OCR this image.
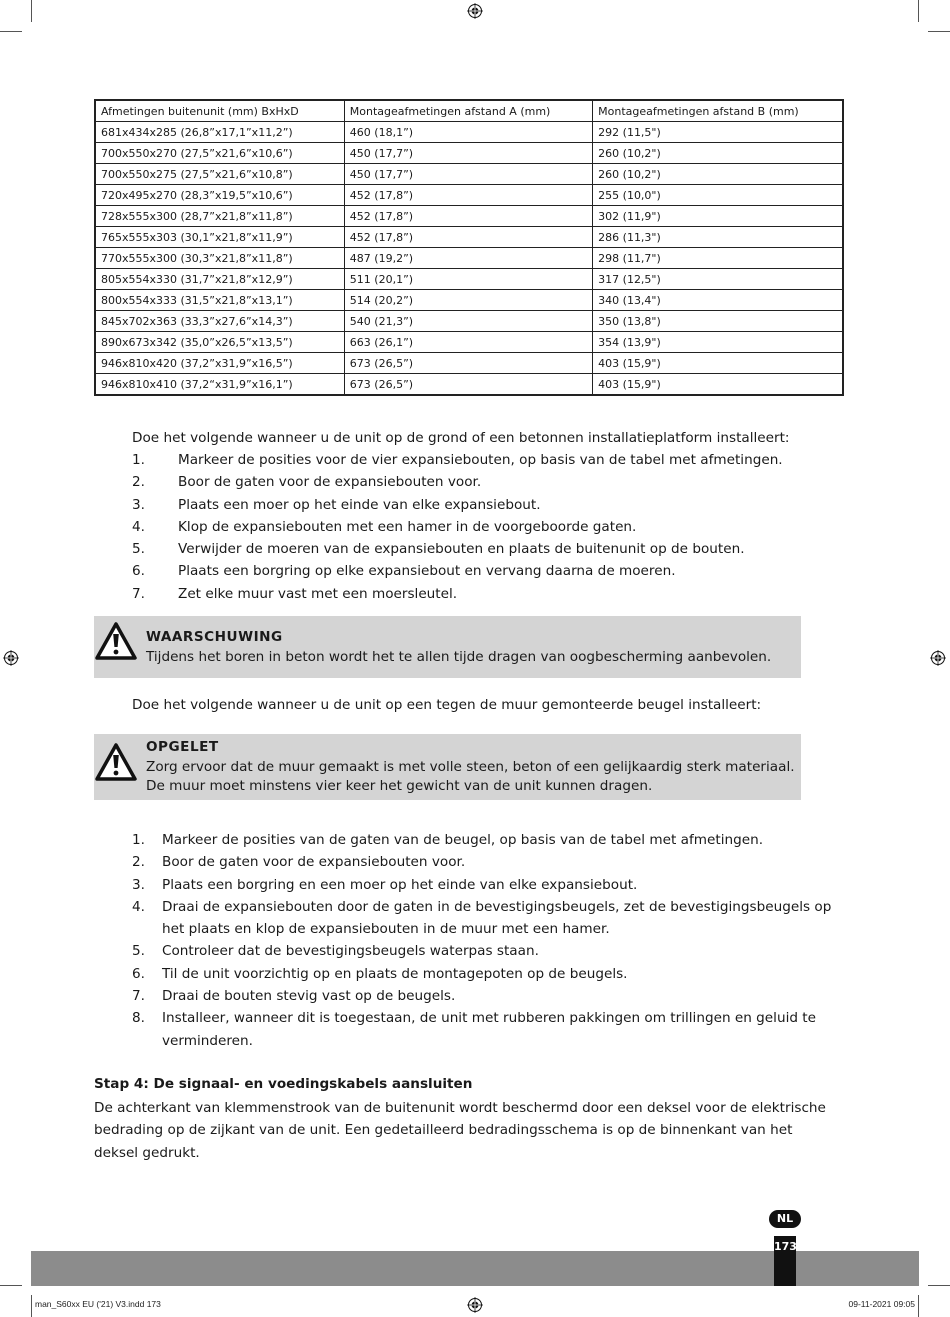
Afmetingen buitenunit (mm) BxHxD	Montageafmetingen afstand A (mm)	Montageafmetingen afstand B (mm)
681x434x285 (26,8”x17,1”x11,2”)	460 (18,1”)	292 (11,5")
700x550x270 (27,5”x21,6”x10,6”)	450 (17,7”)	260 (10,2")
700x550x275 (27,5”x21,6”x10,8”)	450 (17,7”)	260 (10,2")
720x495x270 (28,3”x19,5”x10,6”)	452 (17,8”)	255 (10,0")
728x555x300 (28,7”x21,8”x11,8”)	452 (17,8”)	302 (11,9")
765x555x303 (30,1”x21,8”x11,9”)	452 (17,8”)	286 (11,3")
770x555x300 (30,3”x21,8”x11,8”)	487 (19,2”)	298 (11,7")
805x554x330 (31,7”x21,8”x12,9”)	511 (20,1”)	317 (12,5")
800x554x333 (31,5”x21,8”x13,1”)	514 (20,2”)	340 (13,4")
845x702x363 (33,3”x27,6”x14,3”)	540 (21,3”)	350 (13,8")
890x673x342 (35,0”x26,5”x13,5”)	663 (26,1”)	354 (13,9")
946x810x420 (37,2”x31,9”x16,5”)	673 (26,5”)	403 (15,9")
946x810x410 (37,2“x31,9”x16,1”)	673 (26,5”)	403 (15,9")

Doe het volgende wanneer u de unit op de grond of een betonnen installatieplatform installeert:

1. Markeer de posities voor de vier expansiebouten, op basis van de tabel met afmetingen.
2. Boor de gaten voor de expansiebouten voor.
3. Plaats een moer op het einde van elke expansiebout.
4. Klop de expansiebouten met een hamer in de voorgeboorde gaten.
5. Verwijder de moeren van de expansiebouten en plaats de buitenunit op de bouten.
6. Plaats een borgring op elke expansiebout en vervang daarna de moeren.
7. Zet elke muur vast met een moersleutel.
WAARSCHUWING
Tijdens het boren in beton wordt het te allen tijde dragen van oogbescherming aanbevolen.

Doe het volgende wanneer u de unit op een tegen de muur gemonteerde beugel installeert:

OPGELET
Zorg ervoor dat de muur gemaakt is met volle steen, beton of een gelijkaardig sterk materiaal.
De muur moet minstens vier keer het gewicht van de unit kunnen dragen.
1. Markeer de posities van de gaten van de beugel, op basis van de tabel met afmetingen.
2. Boor de gaten voor de expansiebouten voor.
3. Plaats een borgring en een moer op het einde van elke expansiebout.
4. Draai de expansiebouten door de gaten in de bevestigingsbeugels, zet de bevestigingsbeugels op het plaats en klop de expansiebouten in de muur met een hamer.
5. Controleer dat de bevestigingsbeugels waterpas staan.
6. Til de unit voorzichtig op en plaats de montagepoten op de beugels.
7. Draai de bouten stevig vast op de beugels.
8. Installeer, wanneer dit is toegestaan, de unit met rubberen pakkingen om trillingen en geluid te verminderen.
Stap 4: De signaal- en voedingskabels aansluiten

De achterkant van klemmenstrook van de buitenunit wordt beschermd door een deksel voor de elektrische bedrading op de zijkant van de unit. Een gedetailleerd bedradingsschema is op de binnenkant van het deksel gedrukt.

173
NL
man_S60xx EU ('21) V3.indd 173	09-11-2021 09:05
